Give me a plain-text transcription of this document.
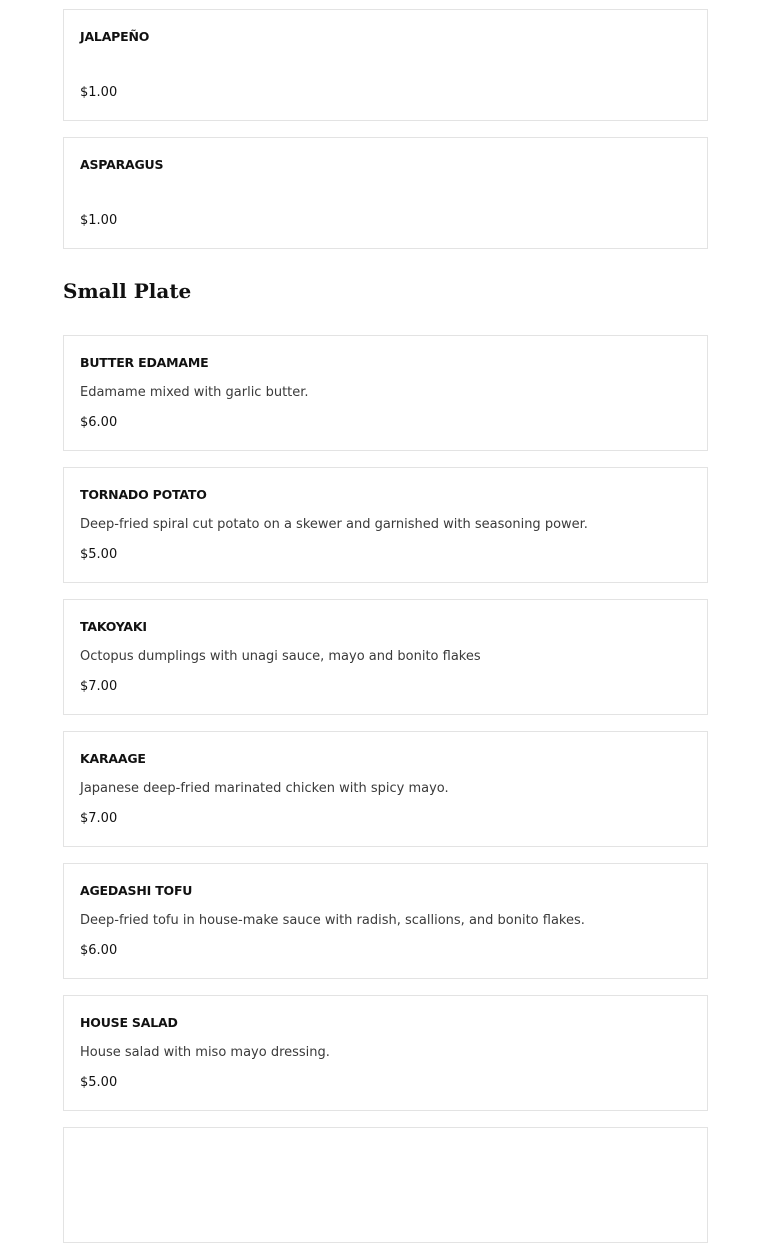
JALAPEÑO
$1.00
ASPARAGUS
$1.00
Small Plate
BUTTER EDAMAME
Edamame mixed with garlic butter.
$6.00
TORNADO POTATO
Deep-fried spiral cut potato on a skewer and garnished with seasoning power.
$5.00
TAKOYAKI
Octopus dumplings with unagi sauce, mayo and bonito flakes
$7.00
KARAAGE
Japanese deep-fried marinated chicken with spicy mayo.
$7.00
AGEDASHI TOFU
Deep-fried tofu in house-make sauce with radish, scallions, and bonito flakes.
$6.00
HOUSE SALAD
House salad with miso mayo dressing.
$5.00
